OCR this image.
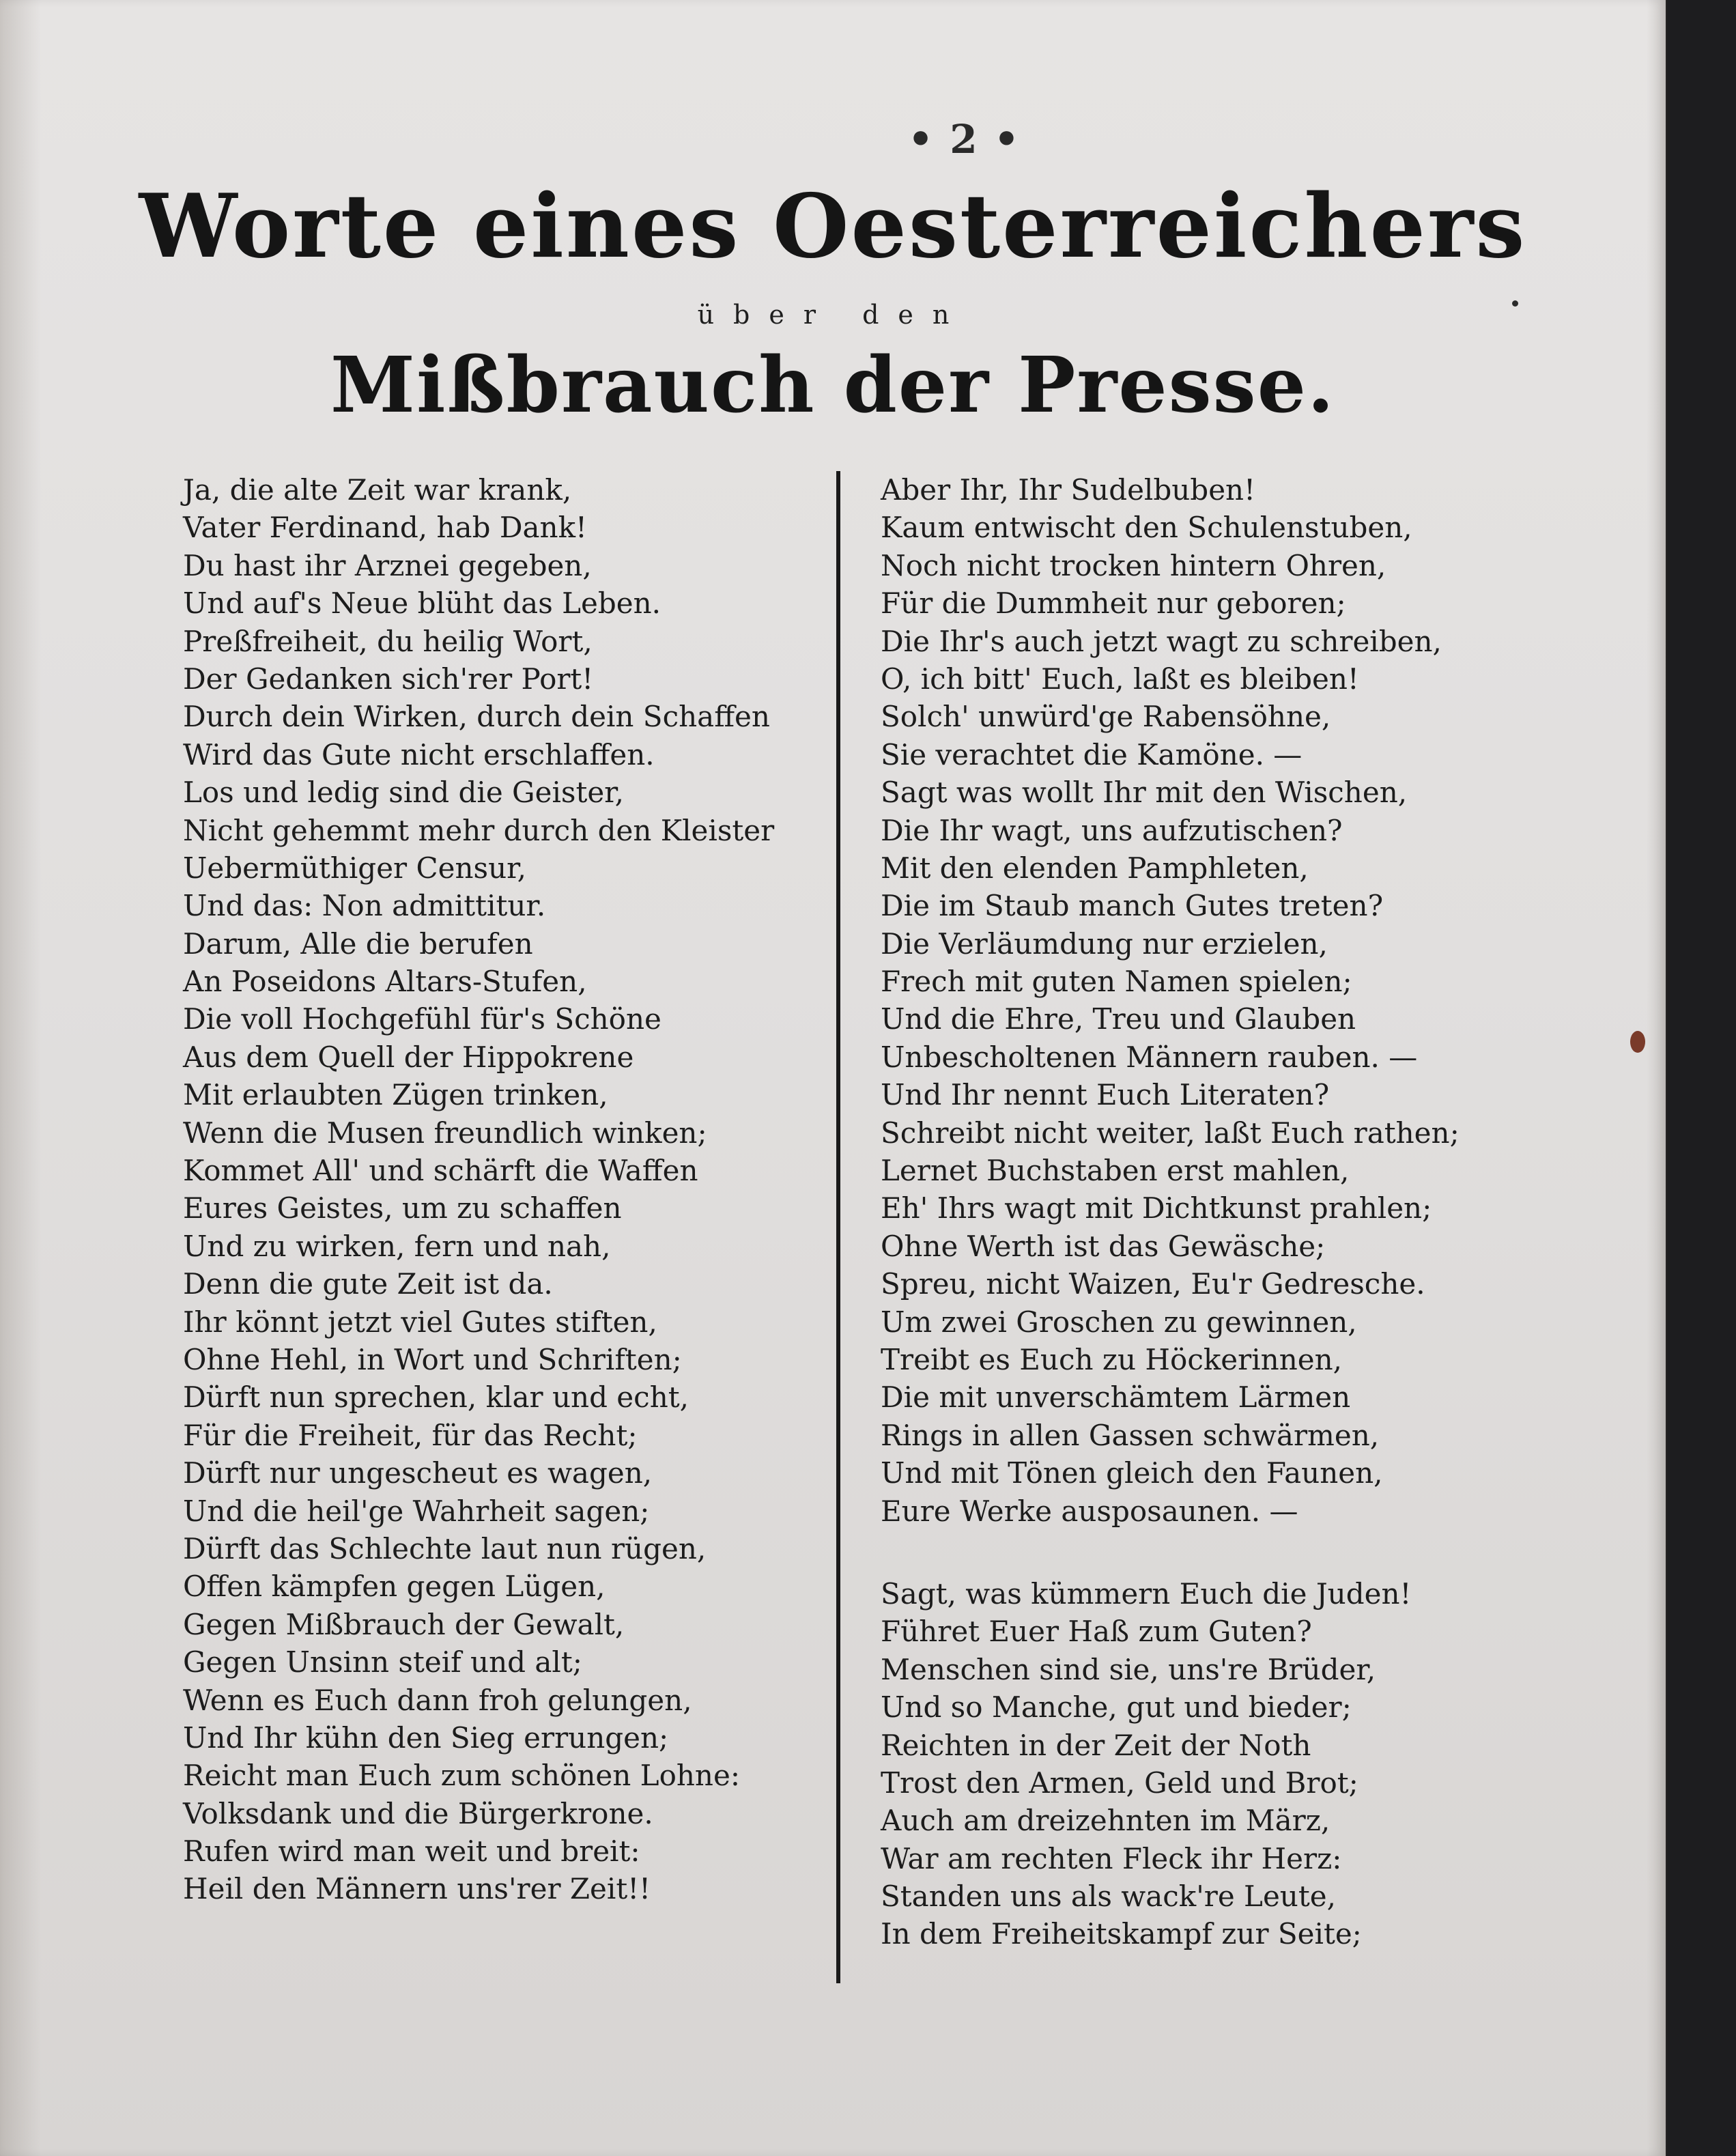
• 2 •
Worte eines Oesterreichers
über den
Mißbrauch der Presse.
Ja, die alte Zeit war krank,
Vater Ferdinand, hab Dank!
Du hast ihr Arznei gegeben,
Und auf's Neue blüht das Leben.
Preßfreiheit, du heilig Wort,
Der Gedanken sich'rer Port!
Durch dein Wirken, durch dein Schaffen
Wird das Gute nicht erschlaffen.
Los und ledig sind die Geister,
Nicht gehemmt mehr durch den Kleister
Uebermüthiger Censur,
Und das: Non admittitur.
Darum, Alle die berufen
An Poseidons Altars-Stufen,
Die voll Hochgefühl für's Schöne
Aus dem Quell der Hippokrene
Mit erlaubten Zügen trinken,
Wenn die Musen freundlich winken;
Kommet All' und schärft die Waffen
Eures Geistes, um zu schaffen
Und zu wirken, fern und nah,
Denn die gute Zeit ist da.
Ihr könnt jetzt viel Gutes stiften,
Ohne Hehl, in Wort und Schriften;
Dürft nun sprechen, klar und echt,
Für die Freiheit, für das Recht;
Dürft nur ungescheut es wagen,
Und die heil'ge Wahrheit sagen;
Dürft das Schlechte laut nun rügen,
Offen kämpfen gegen Lügen,
Gegen Mißbrauch der Gewalt,
Gegen Unsinn steif und alt;
Wenn es Euch dann froh gelungen,
Und Ihr kühn den Sieg errungen;
Reicht man Euch zum schönen Lohne:
Volksdank und die Bürgerkrone.
Rufen wird man weit und breit:
Heil den Männern uns'rer Zeit!!
Aber Ihr, Ihr Sudelbuben!
Kaum entwischt den Schulenstuben,
Noch nicht trocken hintern Ohren,
Für die Dummheit nur geboren;
Die Ihr's auch jetzt wagt zu schreiben,
O, ich bitt' Euch, laßt es bleiben!
Solch' unwürd'ge Rabensöhne,
Sie verachtet die Kamöne. —
Sagt was wollt Ihr mit den Wischen,
Die Ihr wagt, uns aufzutischen?
Mit den elenden Pamphleten,
Die im Staub manch Gutes treten?
Die Verläumdung nur erzielen,
Frech mit guten Namen spielen;
Und die Ehre, Treu und Glauben
Unbescholtenen Männern rauben. —
Und Ihr nennt Euch Literaten?
Schreibt nicht weiter, laßt Euch rathen;
Lernet Buchstaben erst mahlen,
Eh' Ihrs wagt mit Dichtkunst prahlen;
Ohne Werth ist das Gewäsche;
Spreu, nicht Waizen, Eu'r Gedresche.
Um zwei Groschen zu gewinnen,
Treibt es Euch zu Höckerinnen,
Die mit unverschämtem Lärmen
Rings in allen Gassen schwärmen,
Und mit Tönen gleich den Faunen,
Eure Werke ausposaunen. —
Sagt, was kümmern Euch die Juden!
Führet Euer Haß zum Guten?
Menschen sind sie, uns're Brüder,
Und so Manche, gut und bieder;
Reichten in der Zeit der Noth
Trost den Armen, Geld und Brot;
Auch am dreizehnten im März,
War am rechten Fleck ihr Herz:
Standen uns als wack're Leute,
In dem Freiheitskampf zur Seite;
